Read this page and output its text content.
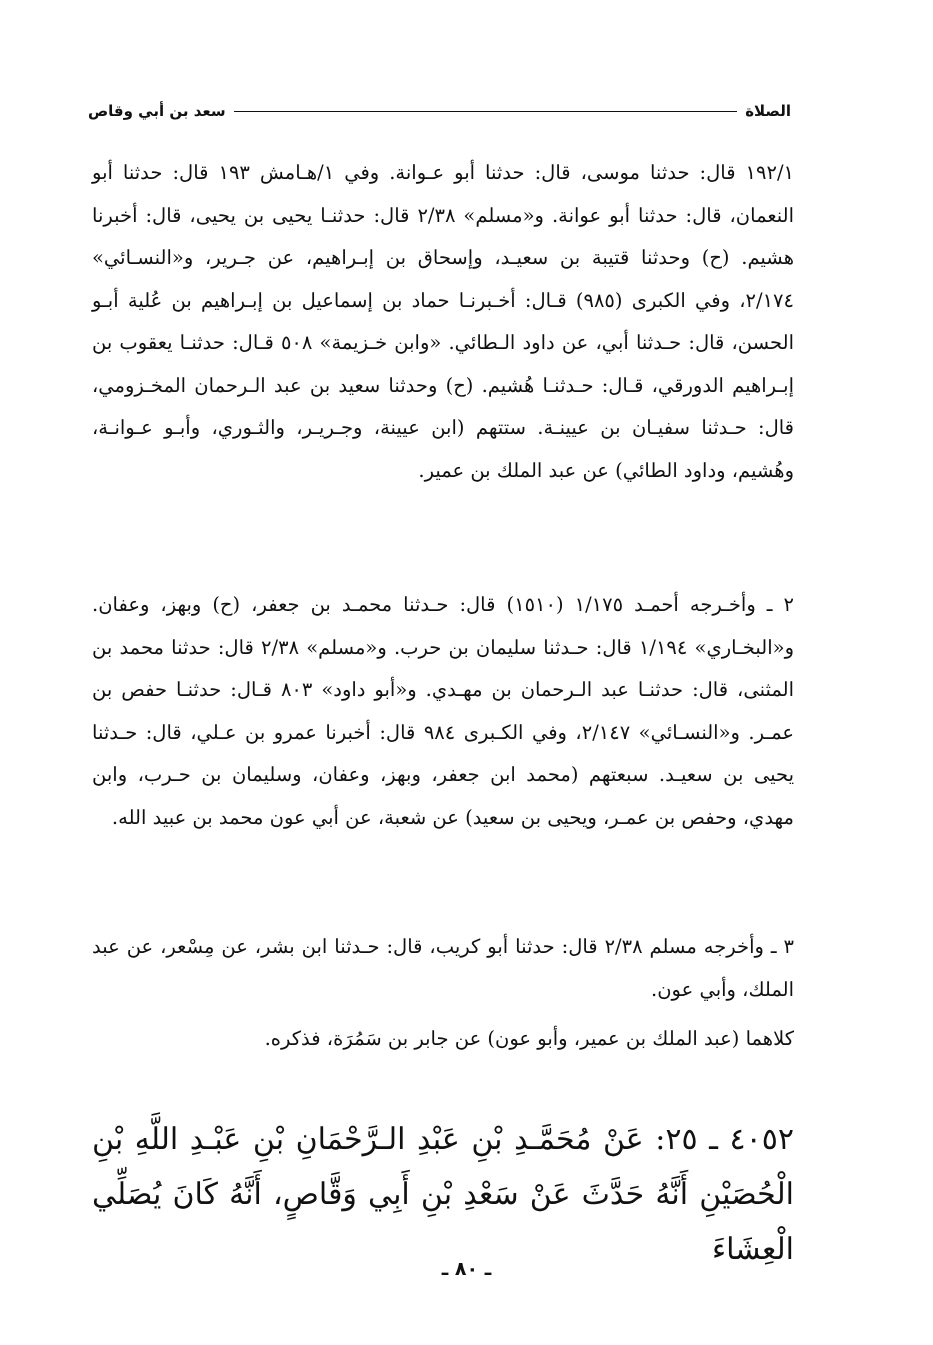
الصلاة
سعد بن أبي وقاص

١٩٢/١ قال: حدثنا موسى، قال: حدثنا أبو عـوانة. وفي ١/هـامش ١٩٣ قال: حدثنا أبو النعمان، قال: حدثنا أبو عوانة. و«مسلم» ٢/٣٨ قال: حدثنـا يحيى بن يحيى، قال: أخبرنا هشيم. (ح) وحدثنا قتيبة بن سعيـد، وإسحاق بن إبـراهيم، عن جـرير، و«النسـائي» ٢/١٧٤، وفي الكبرى (٩٨٥) قـال: أخـبرنـا حماد بن إسماعيل بن إبـراهيم بن عُلية أبـو الحسن، قال: حـدثنا أبي، عن داود الـطائي. «وابن خـزيمة» ٥٠٨ قـال: حدثنـا يعقوب بن إبـراهيم الدورقي، قـال: حـدثنـا هُشيم. (ح) وحدثنا سعيد بن عبد الـرحمان المخـزومي، قال: حـدثنا سفيـان بن عيينـة. ستتهم (ابن عيينة، وجـريـر، والثـوري، وأبـو عـوانـة، وهُشيم، وداود الطائي) عن عبد الملك بن عمير.

٢ ـ وأخـرجه أحمـد ١/١٧٥ (١٥١٠) قال: حـدثنا محمـد بن جعفر، (ح) وبهز، وعفان. و«البخـاري» ١/١٩٤ قال: حـدثنا سليمان بن حرب. و«مسلم» ٢/٣٨ قال: حدثنا محمد بن المثنى، قال: حدثنـا عبد الـرحمان بن مهـدي. و«أبو داود» ٨٠٣ قـال: حدثنـا حفص بن عمـر. و«النسـائي» ٢/١٤٧، وفي الكـبرى ٩٨٤ قال: أخبرنا عمرو بن عـلي، قال: حـدثنا يحيى بن سعيـد. سبعتهم (محمد ابن جعفر، وبهز، وعفان، وسليمان بن حـرب، وابن مهدي، وحفص بن عمـر، ويحيى بن سعيد) عن شعبة، عن أبي عون محمد بن عبيد الله.

٣ ـ وأخرجه مسلم ٢/٣٨ قال: حدثنا أبو كريب، قال: حـدثنا ابن بشر، عن مِسْعر، عن عبد الملك، وأبي عون.

كلاهما (عبد الملك بن عمير، وأبو عون) عن جابر بن سَمُرَة، فذكره.

٤٠٥٢ ـ ٢٥: عَنْ مُحَمَّـدِ بْنِ عَبْدِ الـرَّحْمَانِ بْنِ عَبْـدِ اللَّهِ بْنِ الْحُصَيْنِ أَنَّهُ حَدَّثَ عَنْ سَعْدِ بْنِ أَبِي وَقَّاصٍ، أَنَّهُ كَانَ يُصَلِّي الْعِشَاءَ

ـ ٨٠ ـ
